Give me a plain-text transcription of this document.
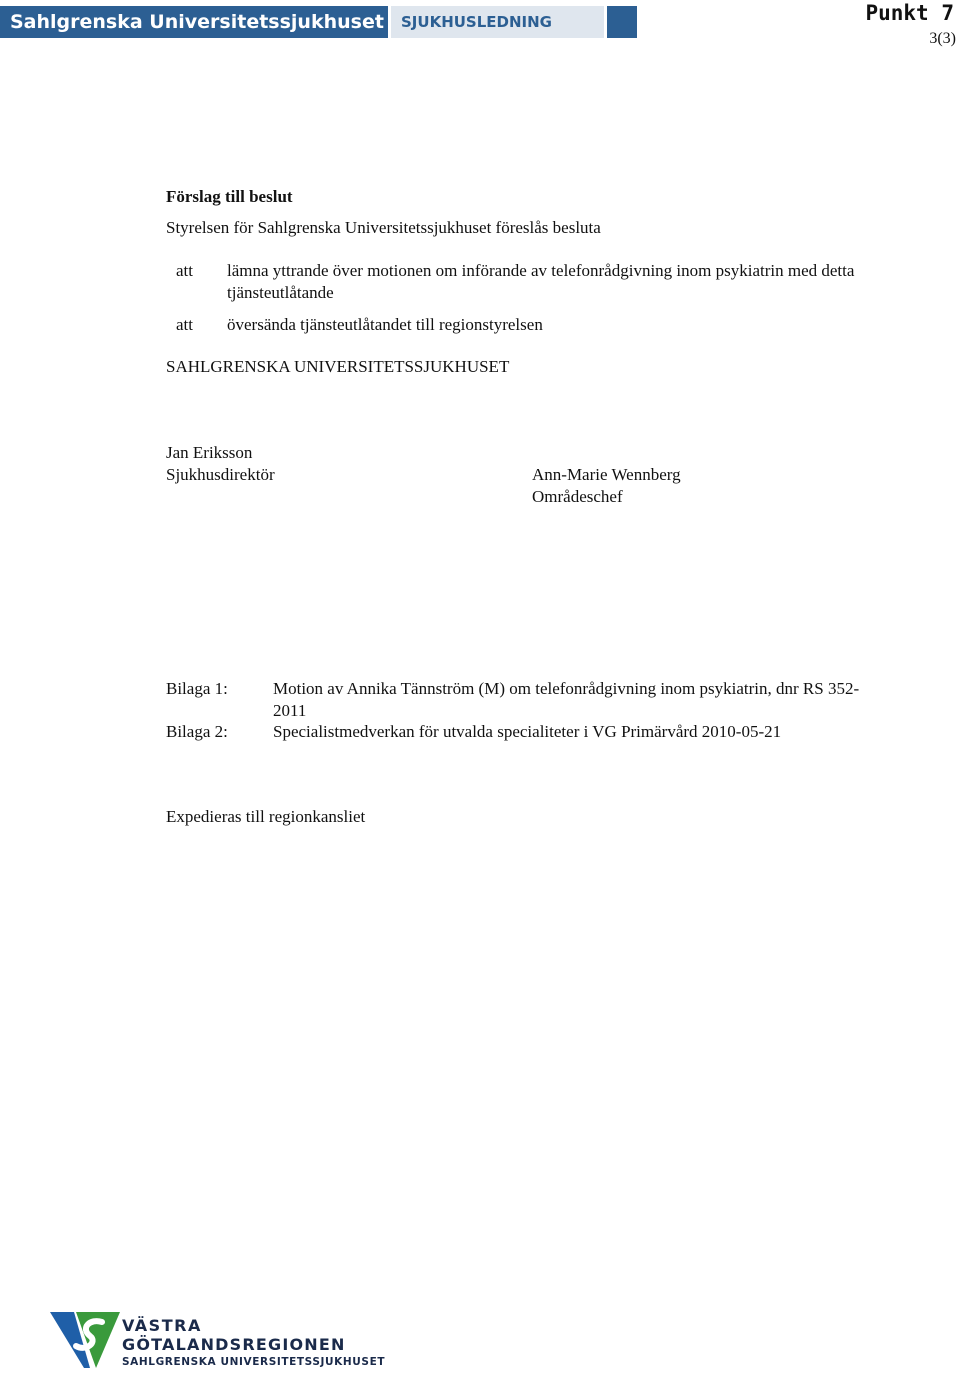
Sahlgrenska Universitetssjukhuset	SJUKHUSLEDNING	Punkt 7
3(3)
Förslag till beslut
Styrelsen för Sahlgrenska Universitetssjukhuset föreslås besluta
att lämna yttrande över motionen om införande av telefonrådgivning inom psykiatrin med detta
tjänsteutlåtande
att översända tjänsteutlåtandet till regionstyrelsen
SAHLGRENSKA UNIVERSITETSSJUKHUSET
Jan Eriksson
Sjukhusdirektör	Ann-Marie Wennberg
Områdeschef
Bilaga 1:	Motion av Annika Tännström (M) om telefonrådgivning inom psykiatrin, dnr RS 352-
2011
Bilaga 2:	Specialistmedverkan för utvalda specialiteter i VG Primärvård 2010-05-21
Expedieras till regionkansliet
VÄSTRA
GÖTALANDSREGIONEN
SAHLGRENSKA UNIVERSITETSSJUKHUSET
